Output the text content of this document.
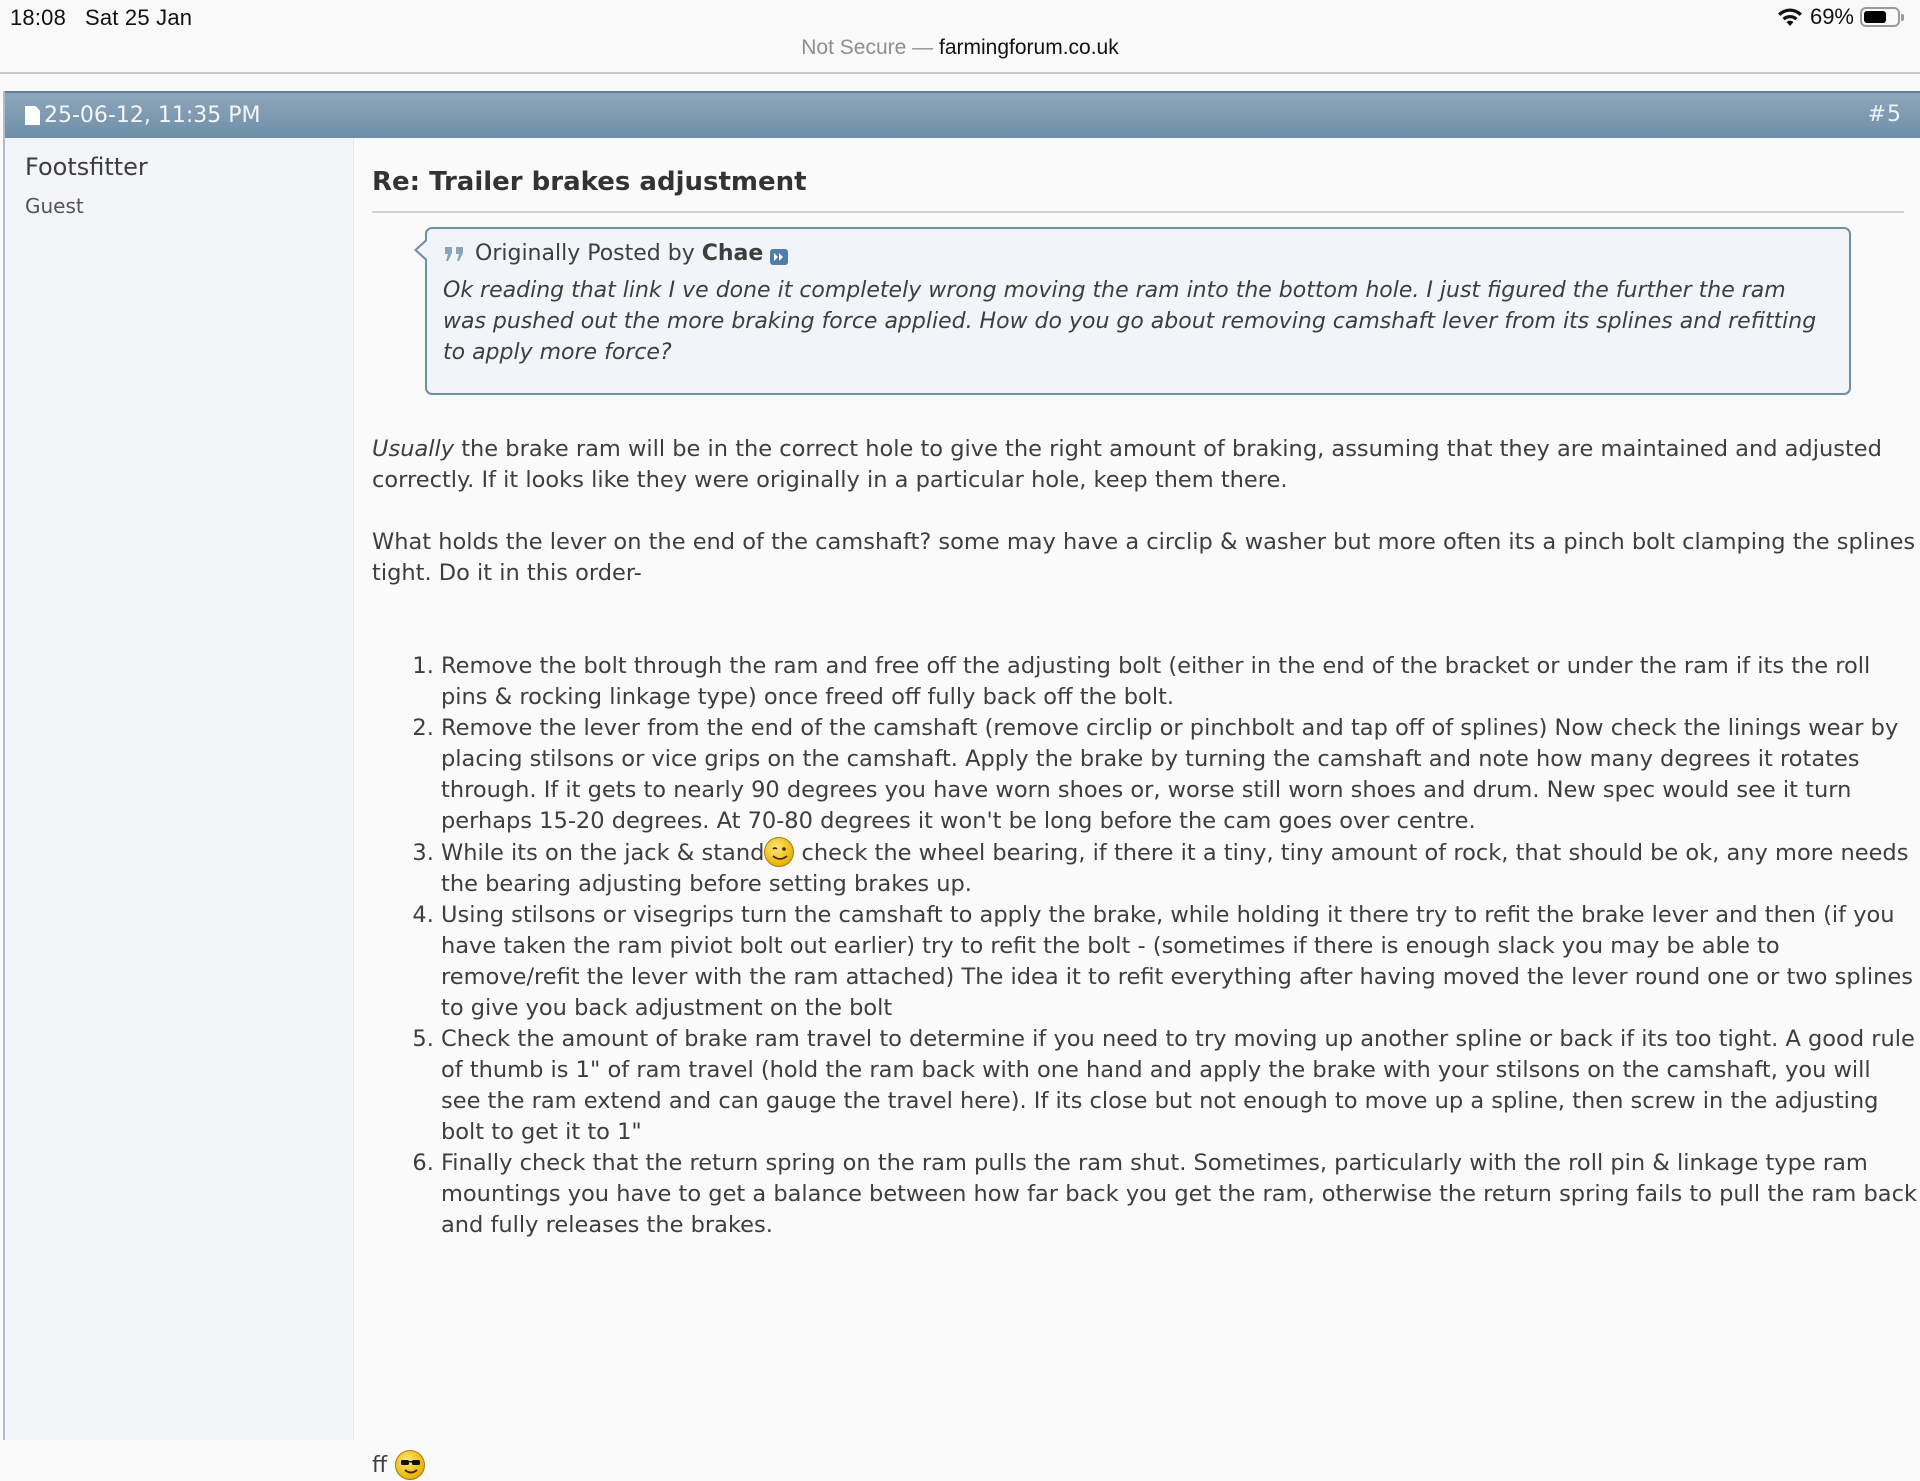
18:08 Sat 25 Jan	69%
Not Secure — farmingforum.co.uk
25-06-12, 11:35 PM	#5
Footsfitter
Guest
Re: Trailer brakes adjustment
Originally Posted by Chae
Ok reading that link I ve done it completely wrong moving the ram into the bottom hole. I just figured the further the ram was pushed out the more braking force applied. How do you go about removing camshaft lever from its splines and refitting to apply more force?

Usually the brake ram will be in the correct hole to give the right amount of braking, assuming that they are maintained and adjusted correctly. If it looks like they were originally in a particular hole, keep them there.

What holds the lever on the end of the camshaft? some may have a circlip & washer but more often its a pinch bolt clamping the splines tight. Do it in this order-

1. Remove the bolt through the ram and free off the adjusting bolt (either in the end of the bracket or under the ram if its the roll pins & rocking linkage type) once freed off fully back off the bolt.
2. Remove the lever from the end of the camshaft (remove circlip or pinchbolt and tap off of splines) Now check the linings wear by placing stilsons or vice grips on the camshaft. Apply the brake by turning the camshaft and note how many degrees it rotates through. If it gets to nearly 90 degrees you have worn shoes or, worse still worn shoes and drum. New spec would see it turn perhaps 15-20 degrees. At 70-80 degrees it won't be long before the cam goes over centre.
3. While its on the jack & stand
check the wheel bearing, if there it a tiny, tiny amount of rock, that should be ok, any more needs the bearing adjusting before setting brakes up.
4. Using stilsons or visegrips turn the camshaft to apply the brake, while holding it there try to refit the brake lever and then (if you have taken the ram piviot bolt out earlier) try to refit the bolt - (sometimes if there is enough slack you may be able to remove/refit the lever with the ram attached) The idea it to refit everything after having moved the lever round one or two splines to give you back adjustment on the bolt
5. Check the amount of brake ram travel to determine if you need to try moving up another spline or back if its too tight. A good rule of thumb is 1" of ram travel (hold the ram back with one hand and apply the brake with your stilsons on the camshaft, you will see the ram extend and can gauge the travel here). If its close but not enough to move up a spline, then screw in the adjusting bolt to get it to 1"
6. Finally check that the return spring on the ram pulls the ram shut. Sometimes, particularly with the roll pin & linkage type ram mountings you have to get a balance between how far back you get the ram, otherwise the return spring fails to pull the ram back and fully releases the brakes.
ff
